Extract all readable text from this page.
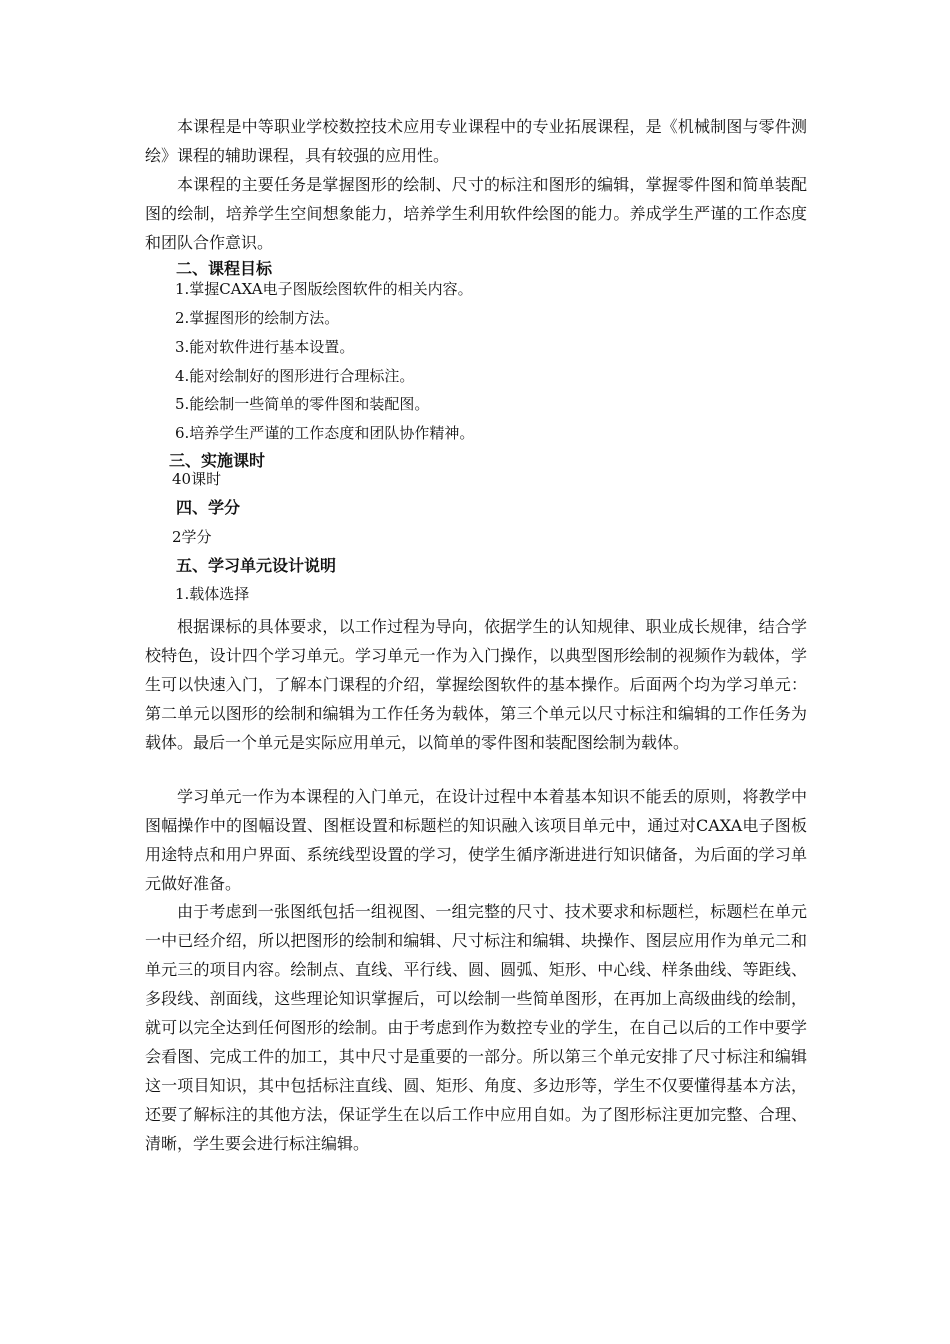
本课程是中等职业学校数控技术应用专业课程中的专业拓展课程，是《机械制图与零件测绘》课程的辅助课程，具有较强的应用性。

本课程的主要任务是掌握图形的绘制、尺寸的标注和图形的编辑，掌握零件图和简单装配图的绘制，培养学生空间想象能力，培养学生利用软件绘图的能力。养成学生严谨的工作态度和团队合作意识。

二、课程目标

1.掌握CAXA电子图版绘图软件的相关内容。

2.掌握图形的绘制方法。

3.能对软件进行基本设置。

4.能对绘制好的图形进行合理标注。

5.能绘制一些简单的零件图和装配图。

6.培养学生严谨的工作态度和团队协作精神。

三、实施课时

40课时

四、学分

2学分

五、学习单元设计说明

1.载体选择

根据课标的具体要求，以工作过程为导向，依据学生的认知规律、职业成长规律，结合学校特色，设计四个学习单元。学习单元一作为入门操作，以典型图形绘制的视频作为载体，学生可以快速入门，了解本门课程的介绍，掌握绘图软件的基本操作。后面两个均为学习单元：第二单元以图形的绘制和编辑为工作任务为载体，第三个单元以尺寸标注和编辑的工作任务为载体。最后一个单元是实际应用单元，以简单的零件图和装配图绘制为载体。

学习单元一作为本课程的入门单元，在设计过程中本着基本知识不能丢的原则，将教学中图幅操作中的图幅设置、图框设置和标题栏的知识融入该项目单元中，通过对CAXA电子图板用途特点和用户界面、系统线型设置的学习，使学生循序渐进进行知识储备，为后面的学习单元做好准备。

由于考虑到一张图纸包括一组视图、一组完整的尺寸、技术要求和标题栏，标题栏在单元一中已经介绍，所以把图形的绘制和编辑、尺寸标注和编辑、块操作、图层应用作为单元二和单元三的项目内容。绘制点、直线、平行线、圆、圆弧、矩形、中心线、样条曲线、等距线、多段线、剖面线，这些理论知识掌握后，可以绘制一些简单图形，在再加上高级曲线的绘制，就可以完全达到任何图形的绘制。由于考虑到作为数控专业的学生，在自己以后的工作中要学会看图、完成工件的加工，其中尺寸是重要的一部分。所以第三个单元安排了尺寸标注和编辑这一项目知识，其中包括标注直线、圆、矩形、角度、多边形等，学生不仅要懂得基本方法，还要了解标注的其他方法，保证学生在以后工作中应用自如。为了图形标注更加完整、合理、清晰，学生要会进行标注编辑。
